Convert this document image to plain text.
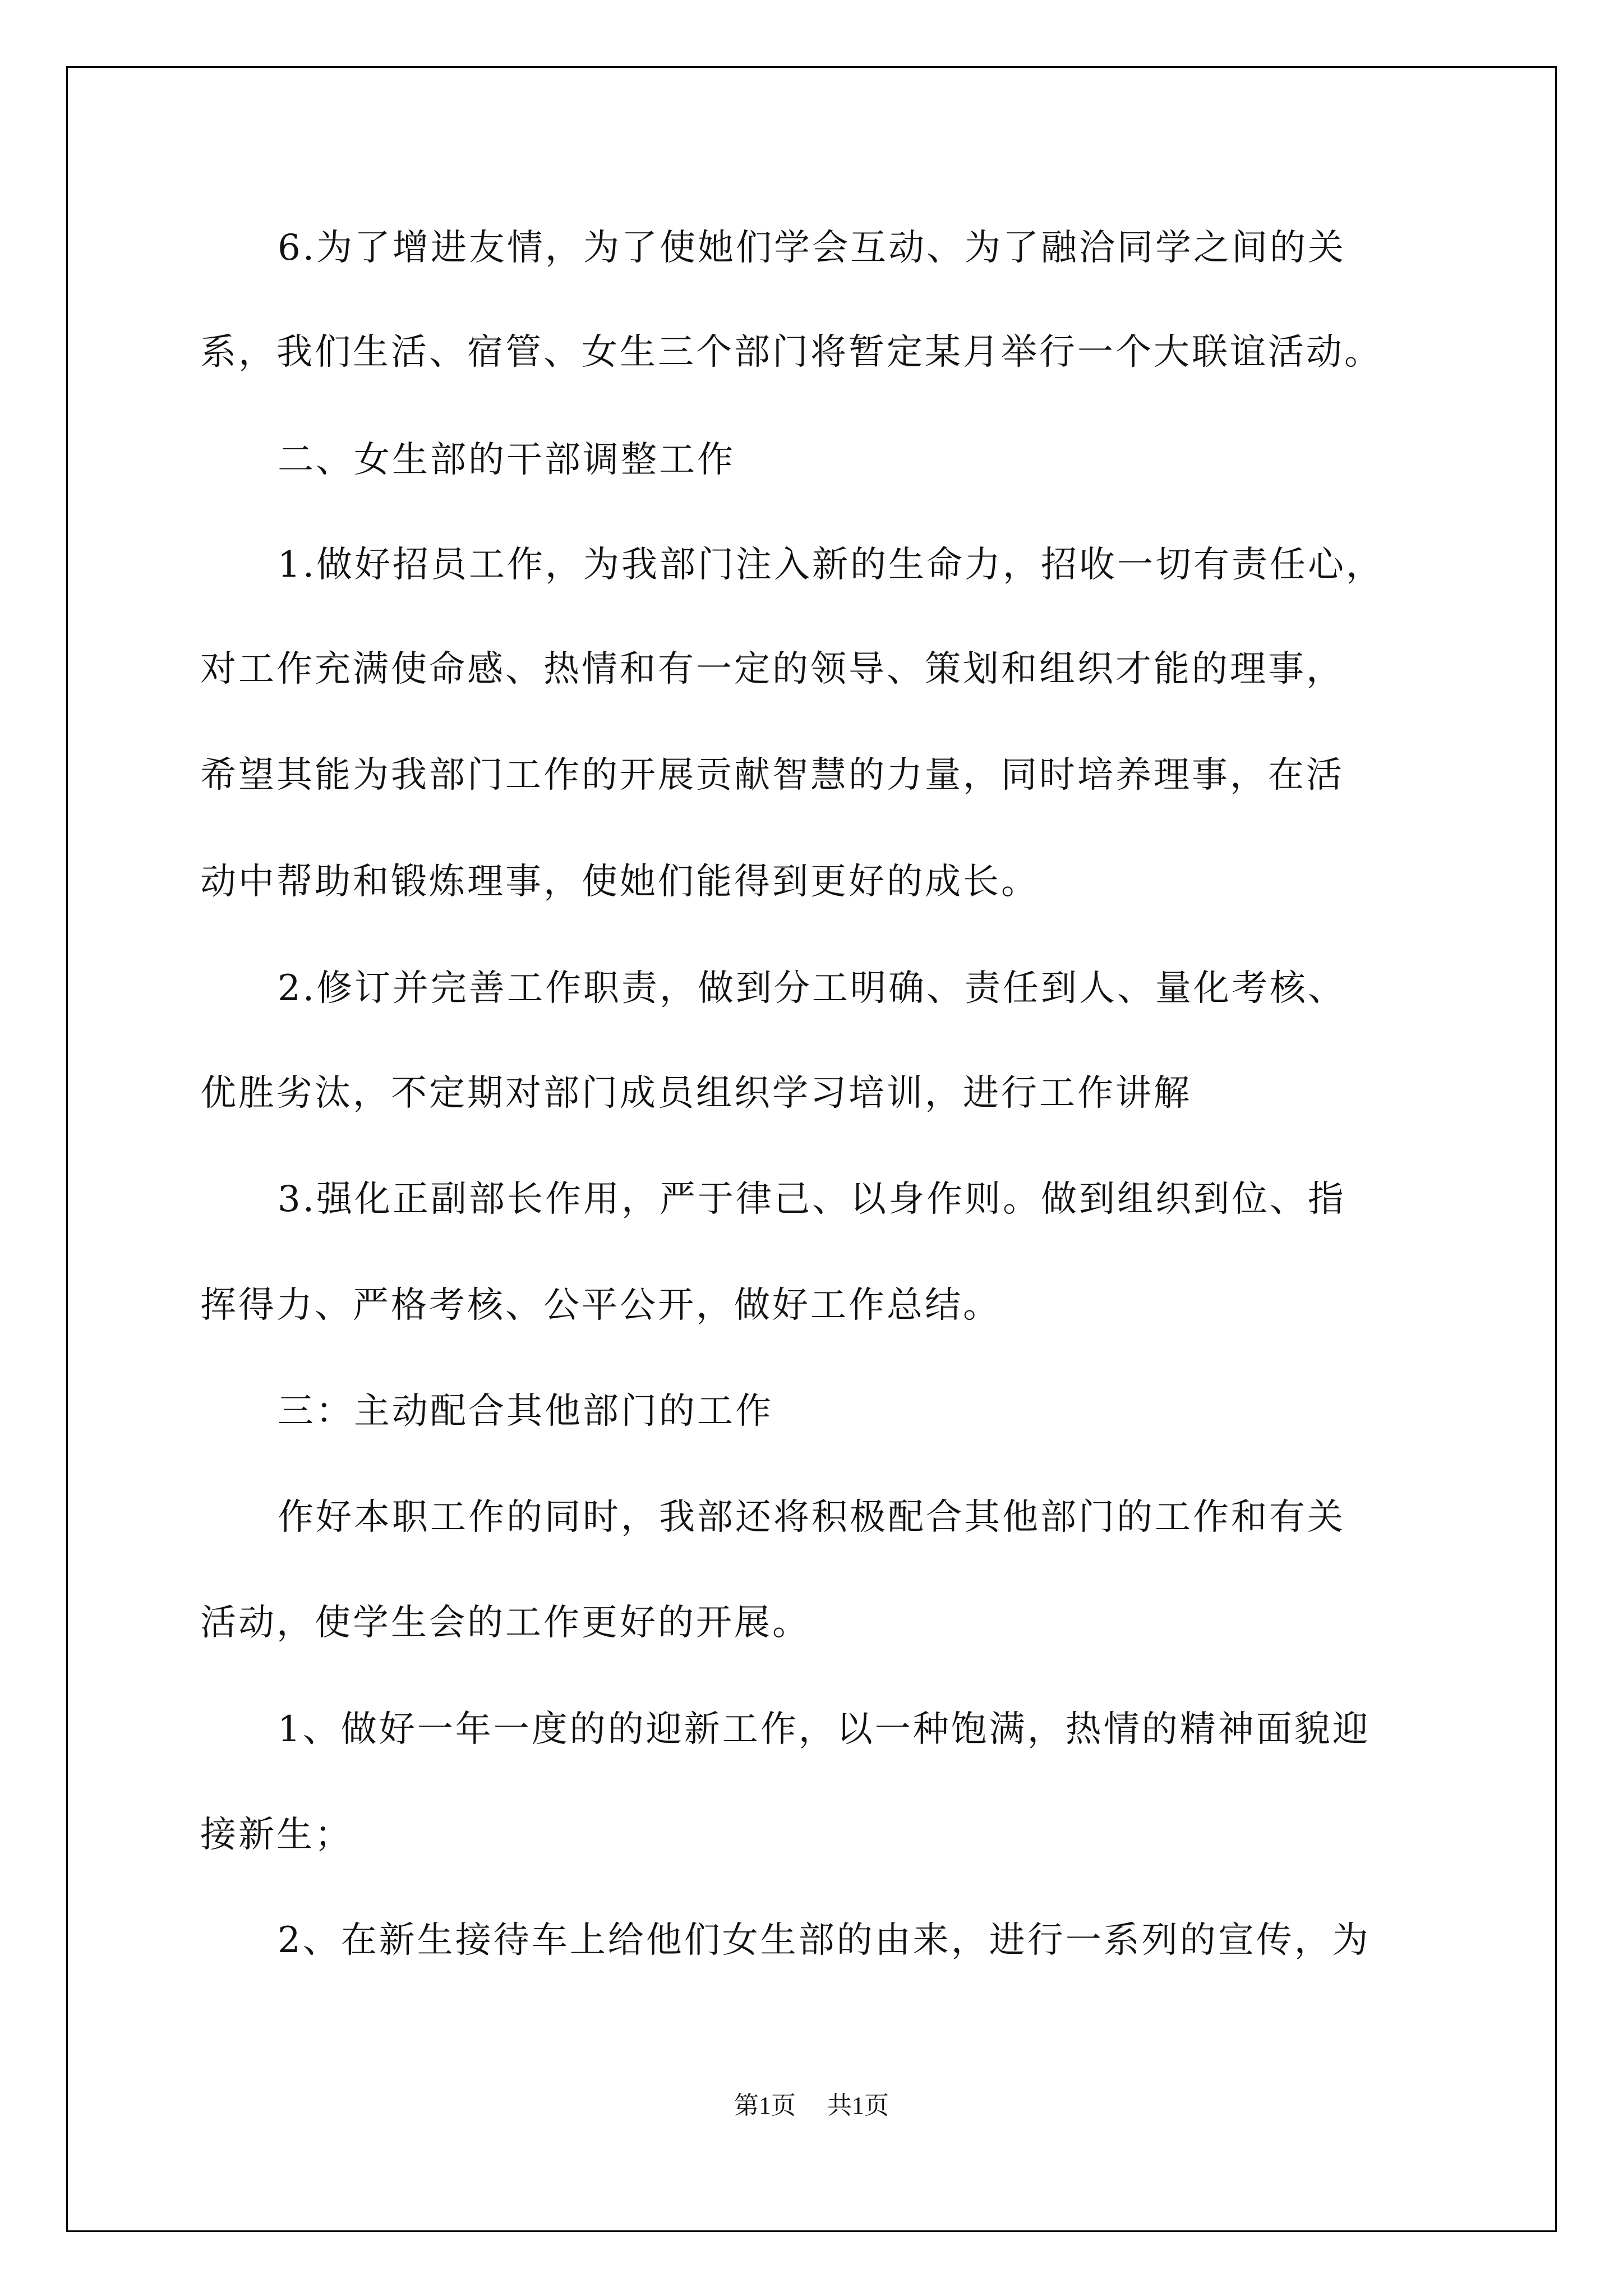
6.为了增进友情，为了使她们学会互动、为了融洽同学之间的关
系，我们生活、宿管、女生三个部门将暂定某月举行一个大联谊活动。
二、女生部的干部调整工作
1.做好招员工作，为我部门注入新的生命力，招收一切有责任心，
对工作充满使命感、热情和有一定的领导、策划和组织才能的理事，
希望其能为我部门工作的开展贡献智慧的力量，同时培养理事，在活
动中帮助和锻炼理事，使她们能得到更好的成长。
2.修订并完善工作职责，做到分工明确、责任到人、量化考核、
优胜劣汰，不定期对部门成员组织学习培训，进行工作讲解
3.强化正副部长作用，严于律己、以身作则。做到组织到位、指
挥得力、严格考核、公平公开，做好工作总结。
三：主动配合其他部门的工作
作好本职工作的同时，我部还将积极配合其他部门的工作和有关
活动，使学生会的工作更好的开展。
1、做好一年一度的的迎新工作，以一种饱满，热情的精神面貌迎
接新生；
2、在新生接待车上给他们女生部的由来，进行一系列的宣传，为
第1页 共1页
